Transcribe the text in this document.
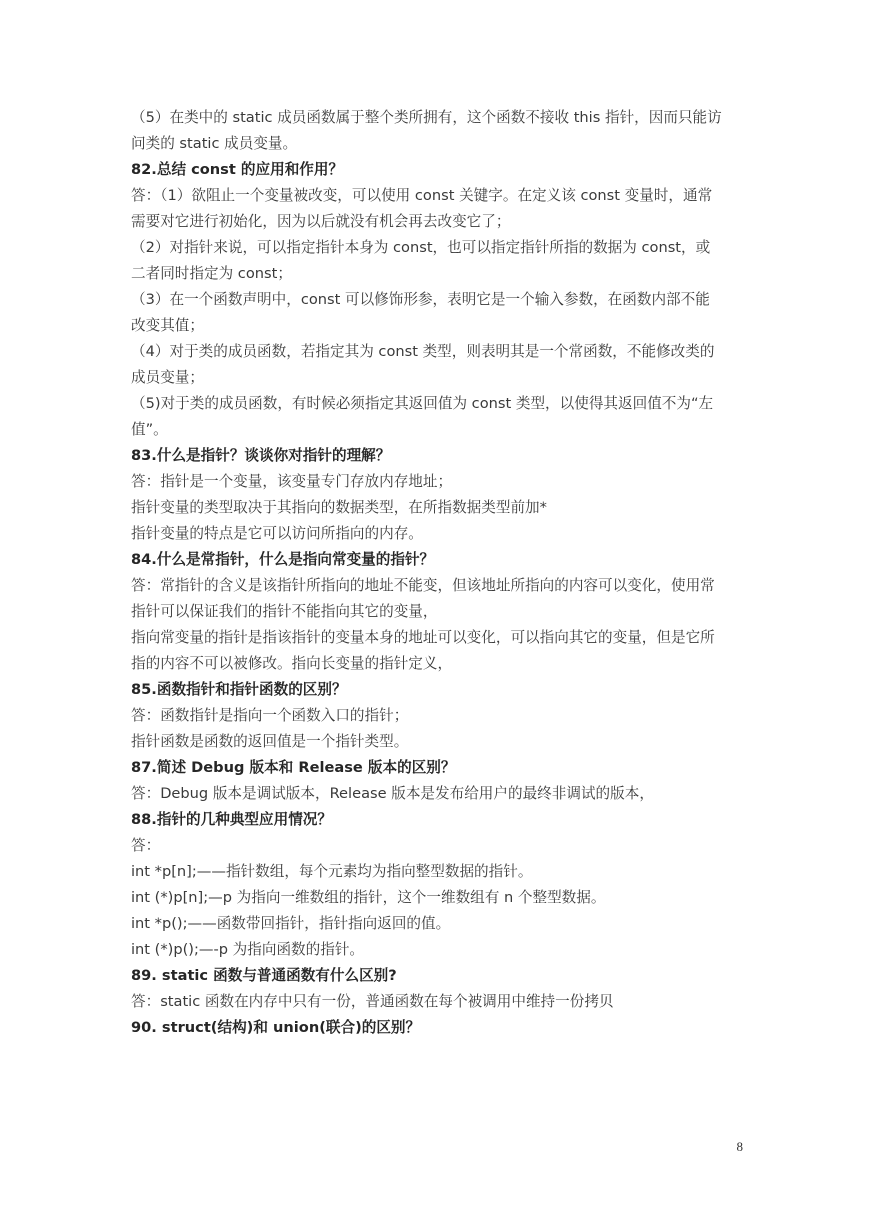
（5）在类中的 static 成员函数属于整个类所拥有，这个函数不接收 this 指针，因而只能访
问类的 static 成员变量。
82.总结 const 的应用和作用？
答：（1）欲阻止一个变量被改变，可以使用 const 关键字。在定义该 const 变量时，通常
需要对它进行初始化，因为以后就没有机会再去改变它了；
（2）对指针来说，可以指定指针本身为 const，也可以指定指针所指的数据为 const，或
二者同时指定为 const；
（3）在一个函数声明中，const 可以修饰形参，表明它是一个输入参数，在函数内部不能
改变其值；
（4）对于类的成员函数，若指定其为 const 类型，则表明其是一个常函数，不能修改类的
成员变量；
（5)对于类的成员函数，有时候必须指定其返回值为 const 类型，以使得其返回值不为“左
值”。
83.什么是指针？谈谈你对指针的理解？
答：指针是一个变量，该变量专门存放内存地址；
指针变量的类型取决于其指向的数据类型，在所指数据类型前加*
指针变量的特点是它可以访问所指向的内存。
84.什么是常指针，什么是指向常变量的指针？
答：常指针的含义是该指针所指向的地址不能变，但该地址所指向的内容可以变化，使用常
指针可以保证我们的指针不能指向其它的变量，
指向常变量的指针是指该指针的变量本身的地址可以变化，可以指向其它的变量，但是它所
指的内容不可以被修改。指向长变量的指针定义，
85.函数指针和指针函数的区别？
答：函数指针是指向一个函数入口的指针；
指针函数是函数的返回值是一个指针类型。
87.简述 Debug 版本和 Release 版本的区别？
答：Debug 版本是调试版本，Release 版本是发布给用户的最终非调试的版本，
88.指针的几种典型应用情况？
答：
int *p[n];——指针数组，每个元素均为指向整型数据的指针。
int (*)p[n];—p 为指向一维数组的指针，这个一维数组有 n 个整型数据。
int *p();——函数带回指针，指针指向返回的值。
int (*)p();—-p 为指向函数的指针。
89. static 函数与普通函数有什么区别?
答：static 函数在内存中只有一份，普通函数在每个被调用中维持一份拷贝
90. struct(结构)和 union(联合)的区别？
8
